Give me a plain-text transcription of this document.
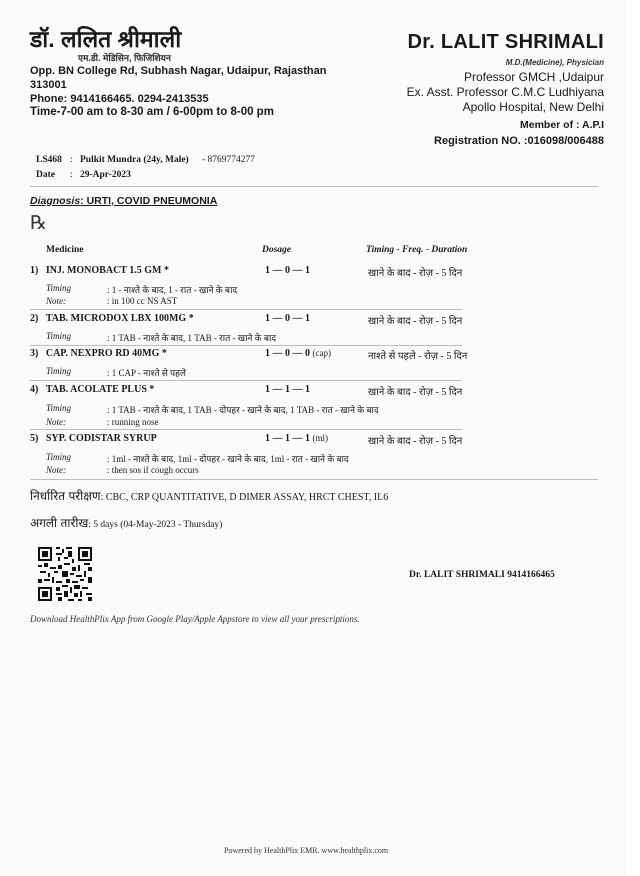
डॉ. ललित श्रीमाली
एम.डी. मेडिसिन, फिजिशियन
Opp. BN College Rd, Subhash Nagar, Udaipur, Rajasthan
313001
Phone: 9414166465. 0294-2413535
Time-7-00 am to 8-30 am / 6-00pm to 8-00 pm
Dr. LALIT SHRIMALI
M.D.(Medicine), Physician
Professor GMCH ,Udaipur
Ex. Asst. Professor C.M.C Ludhiyana
Apollo Hospital, New Delhi
Member of : A.P.I
Registration NO. :016098/006488
LS468 : Pulkit Mundra (24y, Male) - 8769774277
Date : 29-Apr-2023
Diagnosis: URTI, COVID PNEUMONIA
℞
Medicine	Dosage	Timing - Freq. - Duration
1) INJ. MONOBACT 1.5 GM *	1 — 0 — 1	खाने के बाद - रोज़ - 5 दिन
Timing	: 1 - नाश्ते के बाद, 1 - रात - खाने के बाद
Note:	: in 100 cc NS AST
2) TAB. MICRODOX LBX 100MG *	1 — 0 — 1	खाने के बाद - रोज़ - 5 दिन
Timing	: 1 TAB - नाश्ते के बाद, 1 TAB - रात - खाने के बाद
3) CAP. NEXPRO RD 40MG *	1 — 0 — 0 (cap)	नाश्ते से पहले - रोज़ - 5 दिन
Timing	: 1 CAP - नाश्ते से पहले
4) TAB. ACOLATE PLUS *	1 — 1 — 1	खाने के बाद - रोज़ - 5 दिन
Timing	: 1 TAB - नाश्ते के बाद, 1 TAB - दोपहर - खाने के बाद, 1 TAB - रात - खाने के बाद
Note:	: running nose
5) SYP. CODISTAR SYRUP	1 — 1 — 1 (ml)	खाने के बाद - रोज़ - 5 दिन
Timing	: 1ml - नाश्ते के बाद, 1ml - दोपहर - खाने के बाद, 1ml - रात - खाने के बाद
Note:	: then sos if cough occurs
निर्धारित परीक्षण: CBC, CRP QUANTITATIVE, D DIMER ASSAY, HRCT CHEST, IL6
अगली तारीख: 5 days (04-May-2023 - Thursday)
Dr. LALIT SHRIMALI 9414166465
Download HealthPlix App from Google Play/Apple Appstore to view all your prescriptions.
Powered by HealthPlix EMR. www.healthplix.com
